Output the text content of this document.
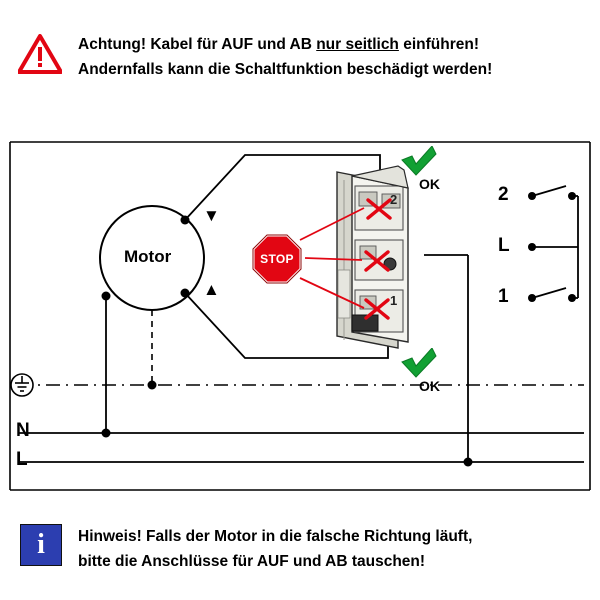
Achtung! Kabel für AUF und AB nur seitlich einführen!
Andernfalls kann die Schaltfunktion beschädigt werden!
Motor
▼
▲
2
L
1
N
L
OK
OK
STOP
2
1
i	Hinweis! Falls der Motor in die falsche Richtung läuft,
bitte die Anschlüsse für AUF und AB tauschen!
